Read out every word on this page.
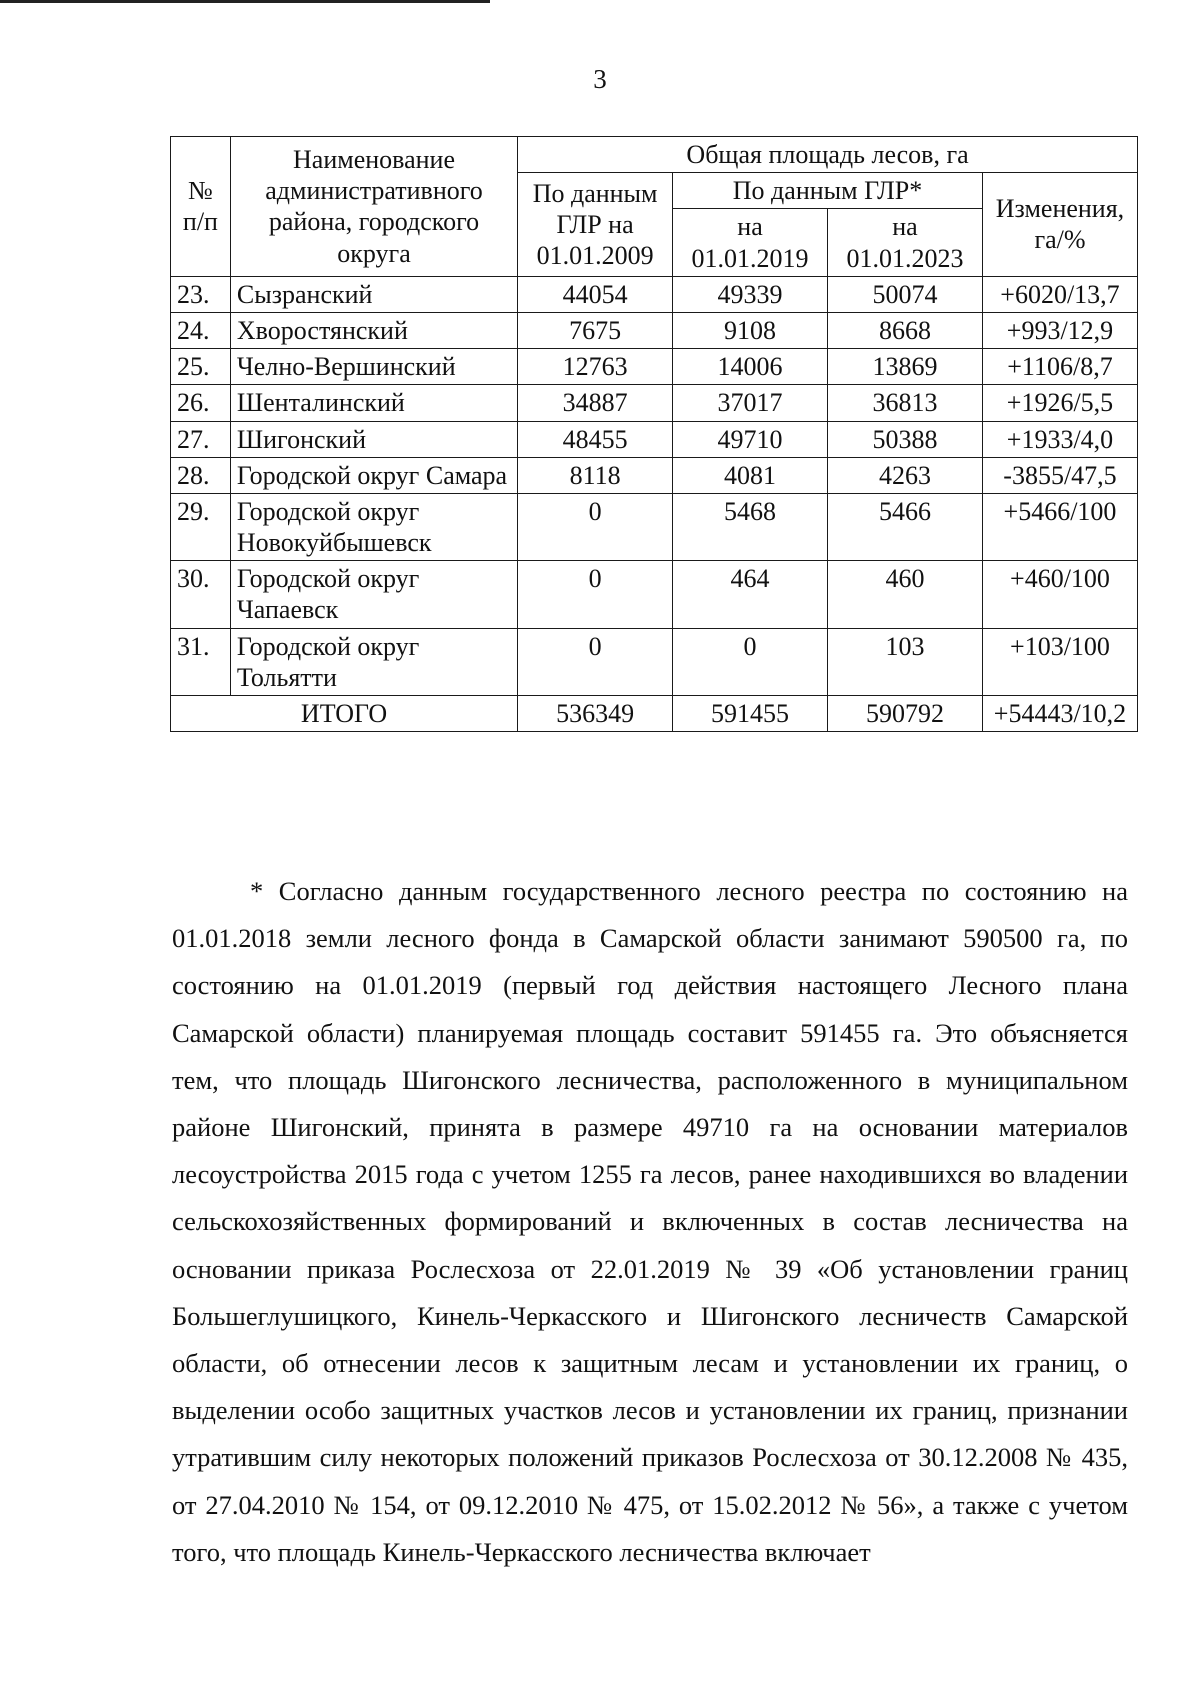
3
№ п/п	Наименование административного района, городского округа	Общая площадь лесов, га			
		По данным ГЛР на 01.01.2009	По данным ГЛР*		Изменения, га/%
			на 01.01.2019	на 01.01.2023	
23.	Сызранский	44054	49339	50074	+6020/13,7
24.	Хворостянский	7675	9108	8668	+993/12,9
25.	Челно-Вершинский	12763	14006	13869	+1106/8,7
26.	Шенталинский	34887	37017	36813	+1926/5,5
27.	Шигонский	48455	49710	50388	+1933/4,0
28.	Городской округ Самара	8118	4081	4263	-3855/47,5
29.	Городской округ Новокуйбышевск	0	5468	5466	+5466/100
30.	Городской округ Чапаевск	0	464	460	+460/100
31.	Городской округ Тольятти	0	0	103	+103/100
ИТОГО		536349	591455	590792	+54443/10,2

* Согласно данным государственного лесного реестра по состоянию на 01.01.2018 земли лесного фонда в Самарской области занимают 590500 га, по состоянию на 01.01.2019 (первый год действия настоящего Лесного плана Самарской области) планируемая площадь составит 591455 га. Это объясняется тем, что площадь Шигонского лесничества, расположенного в муниципальном районе Шигонский, принята в размере 49710 га на основании материалов лесоустройства 2015 года с учетом 1255 га лесов, ранее находившихся во владении сельскохозяйственных формирований и включенных в состав лесничества на основании приказа Рослесхоза от 22.01.2019 № 39 «Об установлении границ Большеглушицкого, Кинель-Черкасского и Шигонского лесничеств Самарской области, об отнесении лесов к защитным лесам и установлении их границ, о выделении особо защитных участков лесов и установлении их границ, признании утратившим силу некоторых положений приказов Рослесхоза от 30.12.2008 № 435, от 27.04.2010 № 154, от 09.12.2010 № 475, от 15.02.2012 № 56», а также с учетом того, что площадь Кинель-Черкасского лесничества включает
